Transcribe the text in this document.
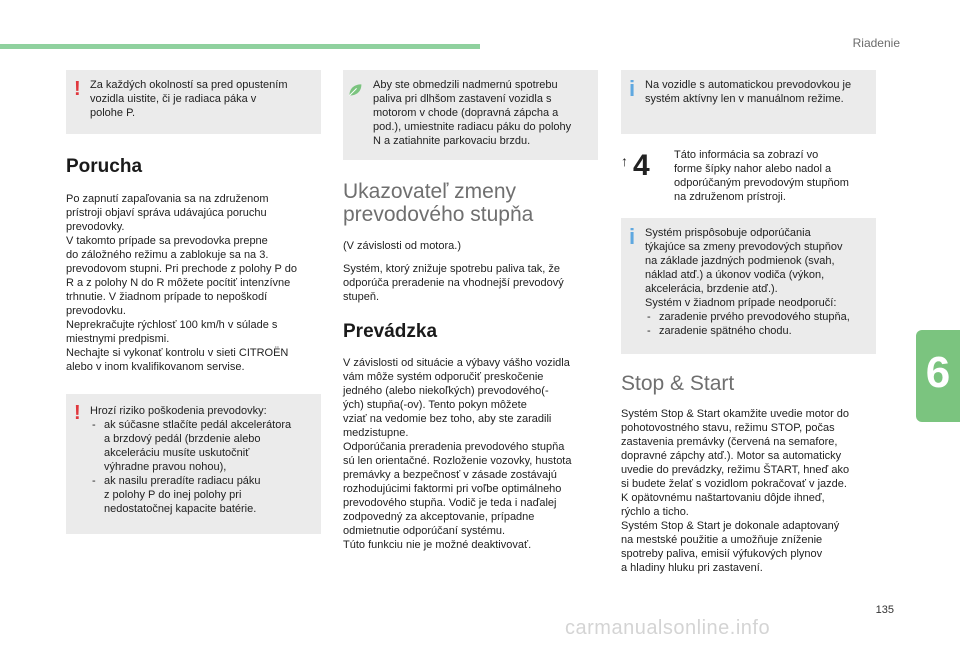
Riadenie
6
135
carmanualsonline.info
! Za každých okolností sa pred opustením
vozidla uistite, či je radiaca páka v
polohe P.

Porucha

Po zapnutí zapaľovania sa na združenom
prístroji objaví správa udávajúca poruchu
prevodovky.
V takomto prípade sa prevodovka prepne
do záložného režimu a zablokuje sa na 3.
prevodovom stupni. Pri prechode z polohy P do
R a z polohy N do R môžete pocítiť intenzívne
trhnutie. V žiadnom prípade to nepoškodí
prevodovku.
Neprekračujte rýchlosť 100 km/h v súlade s
miestnymi predpismi.
Nechajte si vykonať kontrolu v sieti CITROËN
alebo v inom kvalifikovanom servise.

! Hrozí riziko poškodenia prevodovky:

- ak súčasne stlačíte pedál akcelerátora
a brzdový pedál (brzdenie alebo
akceleráciu musíte uskutočniť
výhradne pravou nohou),
- ak nasilu preradíte radiacu páku
z polohy P do inej polohy pri
nedostatočnej kapacite batérie.

Aby ste obmedzili nadmernú spotrebu
paliva pri dlhšom zastavení vozidla s
motorom v chode (dopravná zápcha a
pod.), umiestnite radiacu páku do polohy
N a zatiahnite parkovaciu brzdu.

Ukazovateľ zmeny
prevodového stupňa

(V závislosti od motora.)

Systém, ktorý znižuje spotrebu paliva tak, že
odporúča preradenie na vhodnejší prevodový
stupeň.

Prevádzka

V závislosti od situácie a výbavy vášho vozidla
vám môže systém odporučiť preskočenie
jedného (alebo niekoľkých) prevodového(-
ých) stupňa(-ov). Tento pokyn môžete
vziať na vedomie bez toho, aby ste zaradili
medzistupne.
Odporúčania preradenia prevodového stupňa
sú len orientačné. Rozloženie vozovky, hustota
premávky a bezpečnosť v zásade zostávajú
rozhodujúcimi faktormi pri voľbe optimálneho
prevodového stupňa. Vodič je teda i naďalej
zodpovedný za akceptovanie, prípadne
odmietnutie odporúčaní systému.
Túto funkciu nie je možné deaktivovať.

i Na vozidle s automatickou prevodovkou je
systém aktívny len v manuálnom režime.

↑ 4 Táto informácia sa zobrazí vo
forme šípky nahor alebo nadol a
odporúčaným prevodovým stupňom
na združenom prístroji.

i Systém prispôsobuje odporúčania
týkajúce sa zmeny prevodových stupňov
na základe jazdných podmienok (svah,
náklad atď.) a úkonov vodiča (výkon,
akcelerácia, brzdenie atď.).
Systém v žiadnom prípade neodporučí:

- zaradenie prvého prevodového stupňa,
- zaradenie spätného chodu.
Stop & Start

Systém Stop & Start okamžite uvedie motor do
pohotovostného stavu, režimu STOP, počas
zastavenia premávky (červená na semafore,
dopravné zápchy atď.). Motor sa automaticky
uvedie do prevádzky, režimu ŠTART, hneď ako
si budete želať s vozidlom pokračovať v jazde.
K opätovnému naštartovaniu dôjde ihneď,
rýchlo a ticho.
Systém Stop & Start je dokonale adaptovaný
na mestské použitie a umožňuje zníženie
spotreby paliva, emisií výfukových plynov
a hladiny hluku pri zastavení.
